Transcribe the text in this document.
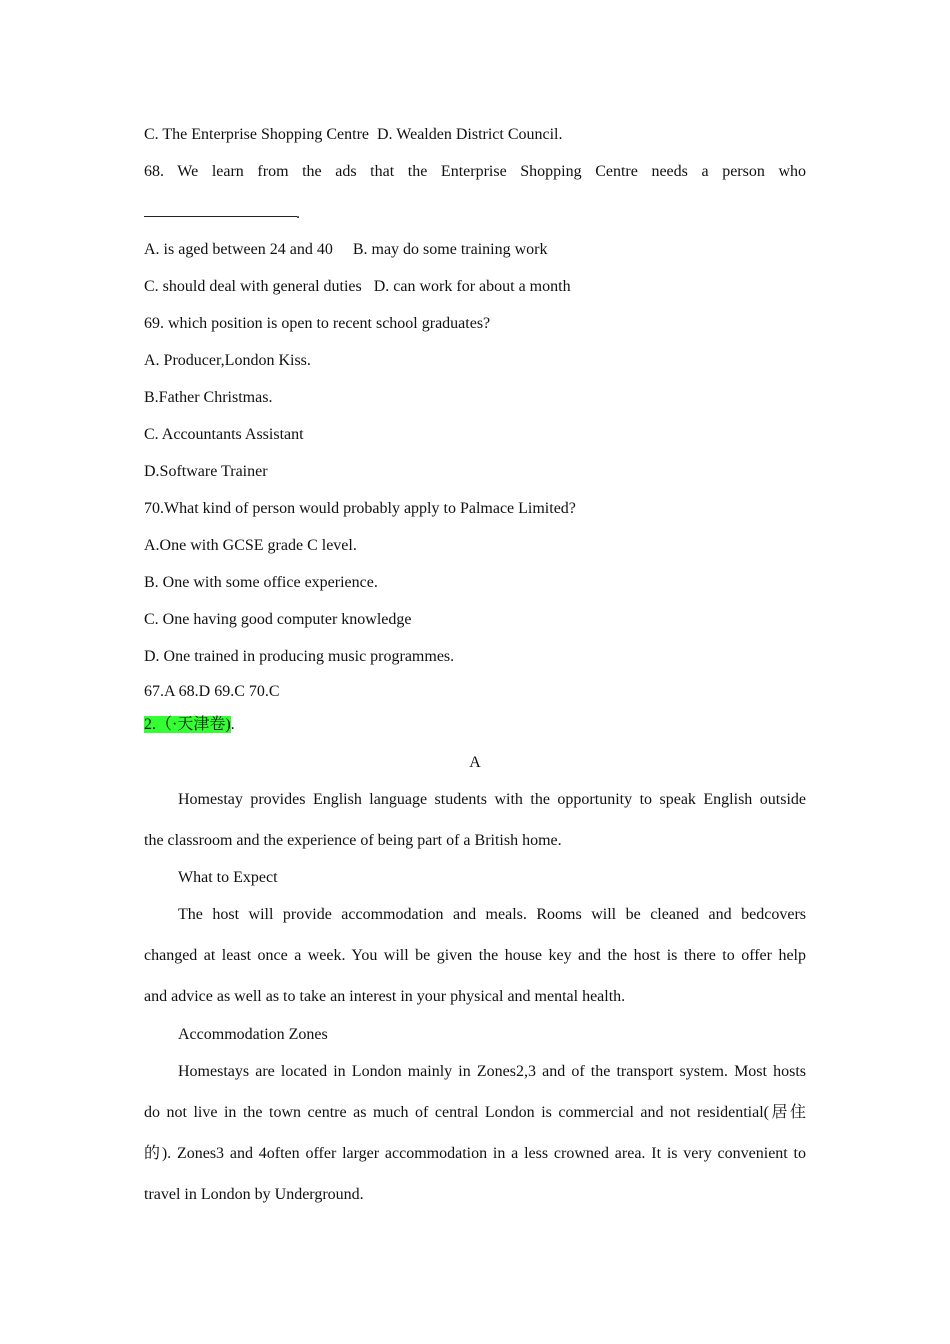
C. The Enterprise Shopping Centre  D. Wealden District Council.
68. We learn from the ads that the Enterprise Shopping Centre needs a person who
.
A. is aged between 24 and 40     B. may do some training work
C. should deal with general duties   D. can work for about a month
69. which position is open to recent school graduates?
A. Producer,London Kiss.
B.Father Christmas.
C. Accountants Assistant
D.Software Trainer
70.What kind of person would probably apply to Palmace Limited?
A.One with GCSE grade C level.
B. One with some office experience.
C. One having good computer knowledge
D. One trained in producing music programmes.
67.A 68.D 69.C 70.C
2.（·天津卷).
A
Homestay provides English language students with the opportunity to speak English outside
the classroom and the experience of being part of a British home.
What to Expect
The host will provide accommodation and meals. Rooms will be cleaned and bedcovers
changed at least once a week. You will be given the house key and the host is there to offer help
and advice as well as to take an interest in your physical and mental health.
Accommodation Zones
Homestays are located in London mainly in Zones2,3 and of the transport system. Most hosts
do not live in the town centre as much of central London is commercial and not residential(居住
的). Zones3 and 4often offer larger accommodation in a less crowned area. It is very convenient to
travel in London by Underground.
